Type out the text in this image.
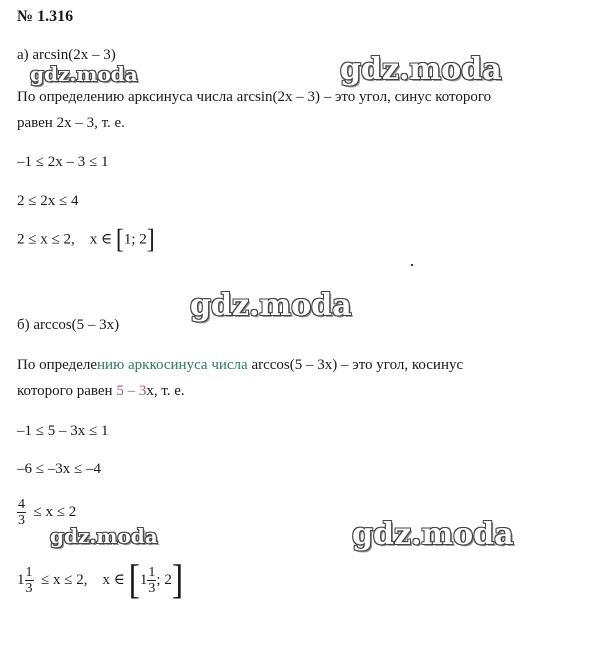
№ 1.316
а) arcsin(2x – 3)
По определению арксинуса числа arcsin(2x – 3) – это угол, синус которого
равен 2x – 3, т. е.
–1 ≤ 2x – 3 ≤ 1
2 ≤ 2x ≤ 4
2 ≤ x ≤ 2, x ∈ [1; 2]
б) arccos(5 – 3x)
По определению арккосинуса числа arccos(5 – 3x) – это угол, косинус
которого равен 5 – 3x, т. е.
–1 ≤ 5 – 3x ≤ 1
–6 ≤ –3x ≤ –4
$\frac{4}{3} \le x \le 2$
$1 \frac{1}{3} \le x \le 2$, x ∈ [$1 \frac{1}{3}$ ; 2]
gdz.moda	gdz.moda
gdz.moda
gdz.moda	gdz.moda
